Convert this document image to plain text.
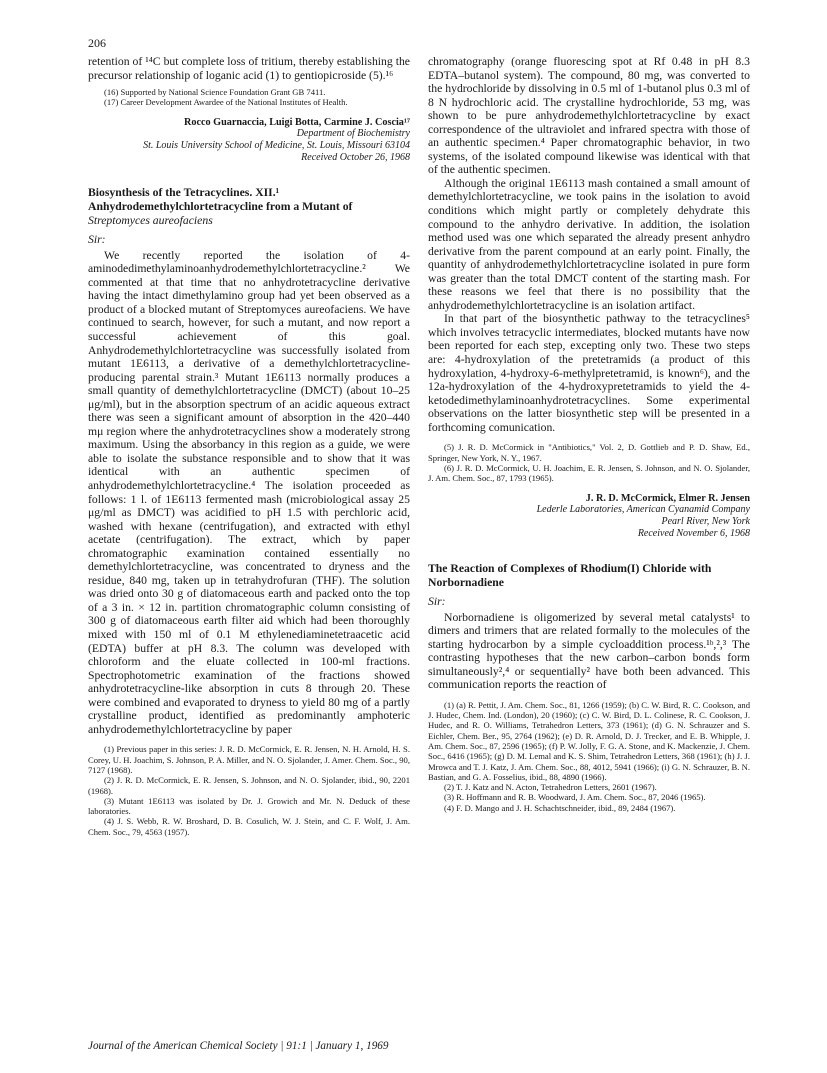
206

retention of ¹⁴C but complete loss of tritium, thereby establishing the precursor relationship of loganic acid (1) to gentiopicroside (5).¹⁶

(16) Supported by National Science Foundation Grant GB 7411.

(17) Career Development Awardee of the National Institutes of Health.

Rocco Guarnaccia, Luigi Botta, Carmine J. Coscia¹⁷
Department of Biochemistry
St. Louis University School of Medicine, St. Louis, Missouri 63104
Received October 26, 1968

Biosynthesis of the Tetracyclines. XII.¹ Anhydrodemethylchlortetracycline from a Mutant of

Streptomyces aureofaciens

Sir:

We recently reported the isolation of 4-aminodedimethylaminoanhydrodemethylchlortetracycline.² We commented at that time that no anhydrotetracycline derivative having the intact dimethylamino group had yet been observed as a product of a blocked mutant of Streptomyces aureofaciens. We have continued to search, however, for such a mutant, and now report a successful achievement of this goal. Anhydrodemethylchlortetracycline was successfully isolated from mutant 1E6113, a derivative of a demethylchlortetracycline-producing parental strain.³ Mutant 1E6113 normally produces a small quantity of demethylchlortetracycline (DMCT) (about 10–25 μg/ml), but in the absorption spectrum of an acidic aqueous extract there was seen a significant amount of absorption in the 420–440 mμ region where the anhydrotetracyclines show a moderately strong maximum. Using the absorbancy in this region as a guide, we were able to isolate the substance responsible and to show that it was identical with an authentic specimen of anhydrodemethylchlortetracycline.⁴ The isolation proceeded as follows: 1 l. of 1E6113 fermented mash (microbiological assay 25 μg/ml as DMCT) was acidified to pH 1.5 with perchloric acid, washed with hexane (centrifugation), and extracted with ethyl acetate (centrifugation). The extract, which by paper chromatographic examination contained essentially no demethylchlortetracycline, was concentrated to dryness and the residue, 840 mg, taken up in tetrahydrofuran (THF). The solution was dried onto 30 g of diatomaceous earth and packed onto the top of a 3 in. × 12 in. partition chromatographic column consisting of 300 g of diatomaceous earth filter aid which had been thoroughly mixed with 150 ml of 0.1 M ethylenediaminetetraacetic acid (EDTA) buffer at pH 8.3. The column was developed with chloroform and the eluate collected in 100-ml fractions. Spectrophotometric examination of the fractions showed anhydrotetracycline-like absorption in cuts 8 through 20. These were combined and evaporated to dryness to yield 80 mg of a partly crystalline product, identified as predominantly amphoteric anhydrodemethylchlortetracycline by paper

(1) Previous paper in this series: J. R. D. McCormick, E. R. Jensen, N. H. Arnold, H. S. Corey, U. H. Joachim, S. Johnson, P. A. Miller, and N. O. Sjolander, J. Amer. Chem. Soc., 90, 7127 (1968).

(2) J. R. D. McCormick, E. R. Jensen, S. Johnson, and N. O. Sjolander, ibid., 90, 2201 (1968).

(3) Mutant 1E6113 was isolated by Dr. J. Growich and Mr. N. Deduck of these laboratories.

(4) J. S. Webb, R. W. Broshard, D. B. Cosulich, W. J. Stein, and C. F. Wolf, J. Am. Chem. Soc., 79, 4563 (1957).

chromatography (orange fluorescing spot at Rf 0.48 in pH 8.3 EDTA–butanol system). The compound, 80 mg, was converted to the hydrochloride by dissolving in 0.5 ml of 1-butanol plus 0.3 ml of 8 N hydrochloric acid. The crystalline hydrochloride, 53 mg, was shown to be pure anhydrodemethylchlortetracycline by exact correspondence of the ultraviolet and infrared spectra with those of an authentic specimen.⁴ Paper chromatographic behavior, in two systems, of the isolated compound likewise was identical with that of the authentic specimen.

Although the original 1E6113 mash contained a small amount of demethylchlortetracycline, we took pains in the isolation to avoid conditions which might partly or completely dehydrate this compound to the anhydro derivative. In addition, the isolation method used was one which separated the already present anhydro derivative from the parent compound at an early point. Finally, the quantity of anhydrodemethylchlortetracycline isolated in pure form was greater than the total DMCT content of the starting mash. For these reasons we feel that there is no possibility that the anhydrodemethylchlortetracycline is an isolation artifact.

In that part of the biosynthetic pathway to the tetracyclines⁵ which involves tetracyclic intermediates, blocked mutants have now been reported for each step, excepting only two. These two steps are: 4-hydroxylation of the pretetramids (a product of this hydroxylation, 4-hydroxy-6-methylpretetramid, is known⁶), and the 12a-hydroxylation of the 4-hydroxypretetramids to yield the 4-ketodedimethylaminoanhydrotetracyclines. Some experimental observations on the latter biosynthetic step will be presented in a forthcoming comunication.

(5) J. R. D. McCormick in "Antibiotics," Vol. 2, D. Gottlieb and P. D. Shaw, Ed., Springer, New York, N. Y., 1967.

(6) J. R. D. McCormick, U. H. Joachim, E. R. Jensen, S. Johnson, and N. O. Sjolander, J. Am. Chem. Soc., 87, 1793 (1965).

J. R. D. McCormick, Elmer R. Jensen
Lederle Laboratories, American Cyanamid Company
Pearl River, New York
Received November 6, 1968

The Reaction of Complexes of Rhodium(I) Chloride with Norbornadiene

Sir:

Norbornadiene is oligomerized by several metal catalysts¹ to dimers and trimers that are related formally to the molecules of the starting hydrocarbon by a simple cycloaddition process.¹ᵇ,²,³ The contrasting hypotheses that the new carbon–carbon bonds form simultaneously²,⁴ or sequentially² have both been advanced. This communication reports the reaction of

(1) (a) R. Pettit, J. Am. Chem. Soc., 81, 1266 (1959); (b) C. W. Bird, R. C. Cookson, and J. Hudec, Chem. Ind. (London), 20 (1960); (c) C. W. Bird, D. L. Colinese, R. C. Cookson, J. Hudec, and R. O. Williams, Tetrahedron Letters, 373 (1961); (d) G. N. Schrauzer and S. Eichler, Chem. Ber., 95, 2764 (1962); (e) D. R. Arnold, D. J. Trecker, and E. B. Whipple, J. Am. Chem. Soc., 87, 2596 (1965); (f) P. W. Jolly, F. G. A. Stone, and K. Mackenzie, J. Chem. Soc., 6416 (1965); (g) D. M. Lemal and K. S. Shim, Tetrahedron Letters, 368 (1961); (h) J. J. Mrowca and T. J. Katz, J. Am. Chem. Soc., 88, 4012, 5941 (1966); (i) G. N. Schrauzer, B. N. Bastian, and G. A. Fosselius, ibid., 88, 4890 (1966).

(2) T. J. Katz and N. Acton, Tetrahedron Letters, 2601 (1967).

(3) R. Hoffmann and R. B. Woodward, J. Am. Chem. Soc., 87, 2046 (1965).

(4) F. D. Mango and J. H. Schachtschneider, ibid., 89, 2484 (1967).

Journal of the American Chemical Society | 91:1 | January 1, 1969
